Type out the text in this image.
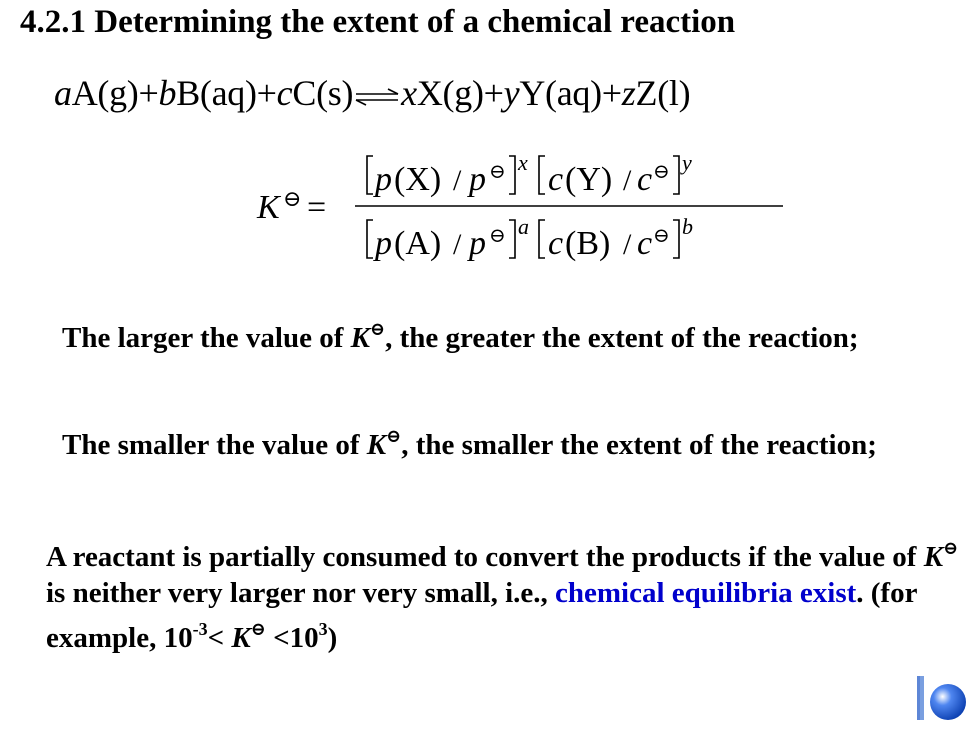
4.2.1 Determining the extent of a chemical reaction
aA(g)+bB(aq)+cC(s)⇌xX(g)+yY(aq)+zZ(l)
K ⊖ =
p (X) / p ⊖ x c (Y) / c ⊖ y
p (A) / p ⊖ a c (B) / c ⊖ b
The larger the value of K⊖, the greater the extent of the reaction;
The smaller the value of K⊖, the smaller the extent of the reaction;
A reactant is partially consumed to convert the products if the value of K⊖ is neither very larger nor very small, i.e., chemical equilibria exist. (for example, $10^{-3}< K^⊖ <10^3$)
